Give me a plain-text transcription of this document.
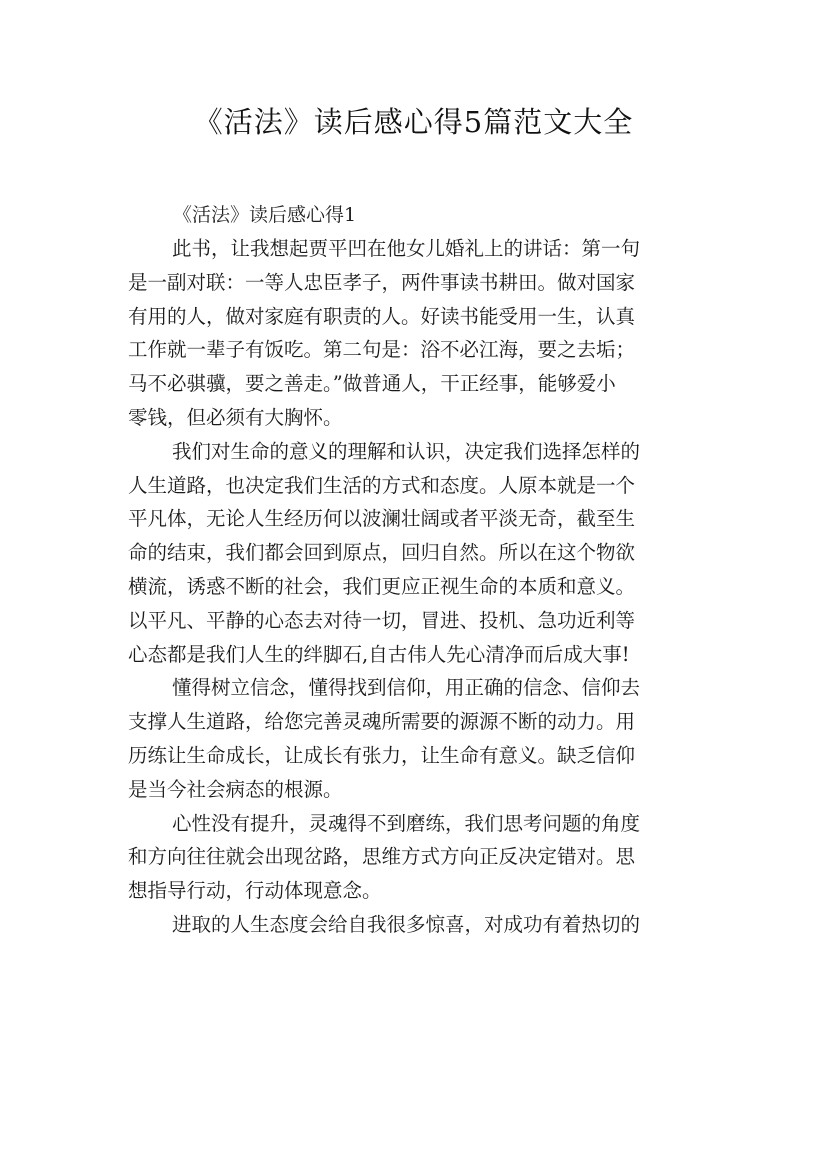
《活法》读后感心得5篇范文大全
《活法》读后感心得1
此书，让我想起贾平凹在他女儿婚礼上的讲话：第一句
是一副对联：一等人忠臣孝子，两件事读书耕田。做对国家
有用的人，做对家庭有职责的人。好读书能受用一生，认真
工作就一辈子有饭吃。第二句是：浴不必江海，要之去垢；
马不必骐骥，要之善走。”做普通人，干正经事，能够爱小
零钱，但必须有大胸怀。
我们对生命的意义的理解和认识，决定我们选择怎样的
人生道路，也决定我们生活的方式和态度。人原本就是一个
平凡体，无论人生经历何以波澜壮阔或者平淡无奇，截至生
命的结束，我们都会回到原点，回归自然。所以在这个物欲
横流，诱惑不断的社会，我们更应正视生命的本质和意义。
以平凡、平静的心态去对待一切，冒进、投机、急功近利等
心态都是我们人生的绊脚石,自古伟人先心清净而后成大事!
懂得树立信念，懂得找到信仰，用正确的信念、信仰去
支撑人生道路，给您完善灵魂所需要的源源不断的动力。用
历练让生命成长，让成长有张力，让生命有意义。缺乏信仰
是当今社会病态的根源。
心性没有提升，灵魂得不到磨练，我们思考问题的角度
和方向往往就会出现岔路，思维方式方向正反决定错对。思
想指导行动，行动体现意念。
进取的人生态度会给自我很多惊喜，对成功有着热切的
